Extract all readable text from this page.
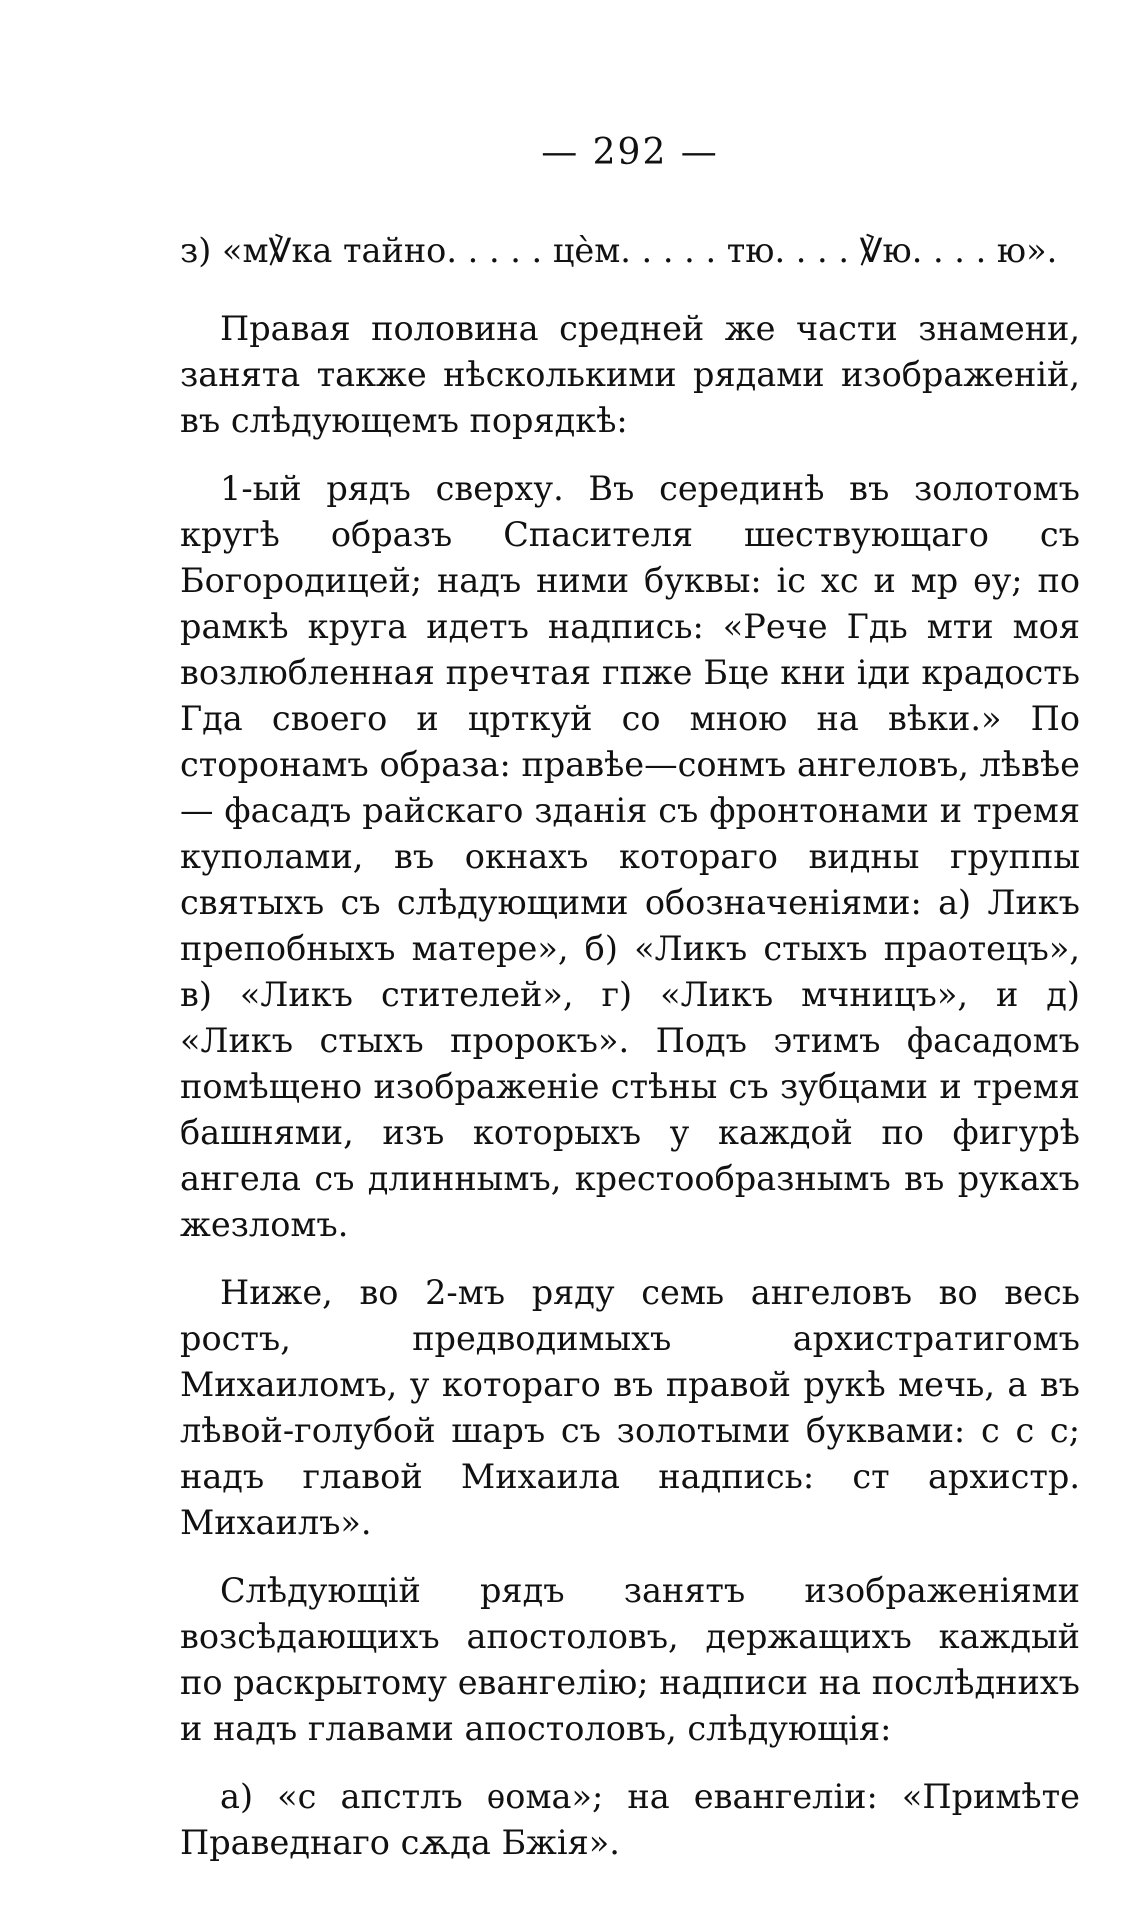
— 292 —

з) «м℣ка тайно. . . . . цѐм. . . . . тю. . . . ℣ю. . . . ю».

Правая половина средней же части знамени, занята также нѣсколькими рядами изображеній, въ слѣдующемъ порядкѣ:

1-ый рядъ сверху. Въ серединѣ въ золотомъ кругѣ образъ Спасителя шествующаго съ Богородицей; надъ ними буквы: іс хс и мр ѳу; по рамкѣ круга идетъ надпись: «Рече Гдь мти моя возлюбленная пречтая гпже Бце кни іди крадость Гда своего и црткуй со мною на вѣки.» По сторонамъ образа: правѣе—сонмъ ангеловъ, лѣвѣе — фасадъ райскаго зданія съ фронтонами и тремя куполами, въ окнахъ котораго видны группы святыхъ съ слѣдующими обозначеніями: а) Ликъ препобныхъ матере», б) «Ликъ стыхъ праотецъ», в) «Ликъ стителей», г) «Ликъ мчницъ», и д) «Ликъ стыхъ пророкъ». Подъ этимъ фасадомъ помѣщено изображеніе стѣны съ зубцами и тремя башнями, изъ которыхъ у каждой по фигурѣ ангела съ длиннымъ, крестообразнымъ въ рукахъ жезломъ.

Ниже, во 2-мъ ряду семь ангеловъ во весь ростъ, предводимыхъ архистратигомъ Михаиломъ, у котораго въ правой рукѣ мечь, а въ лѣвой-голубой шаръ съ золотыми буквами: с с с; надъ главой Михаила надпись: ст архистр. Михаилъ».

Слѣдующій рядъ занятъ изображеніями возсѣдающихъ апостоловъ, держащихъ каждый по раскрытому евангелію; надписи на послѣднихъ и надъ главами апостоловъ, слѣдующія:

а) «с апстлъ ѳома»; на евангеліи: «Примѣте Праведнаго сѫда Бжія».
